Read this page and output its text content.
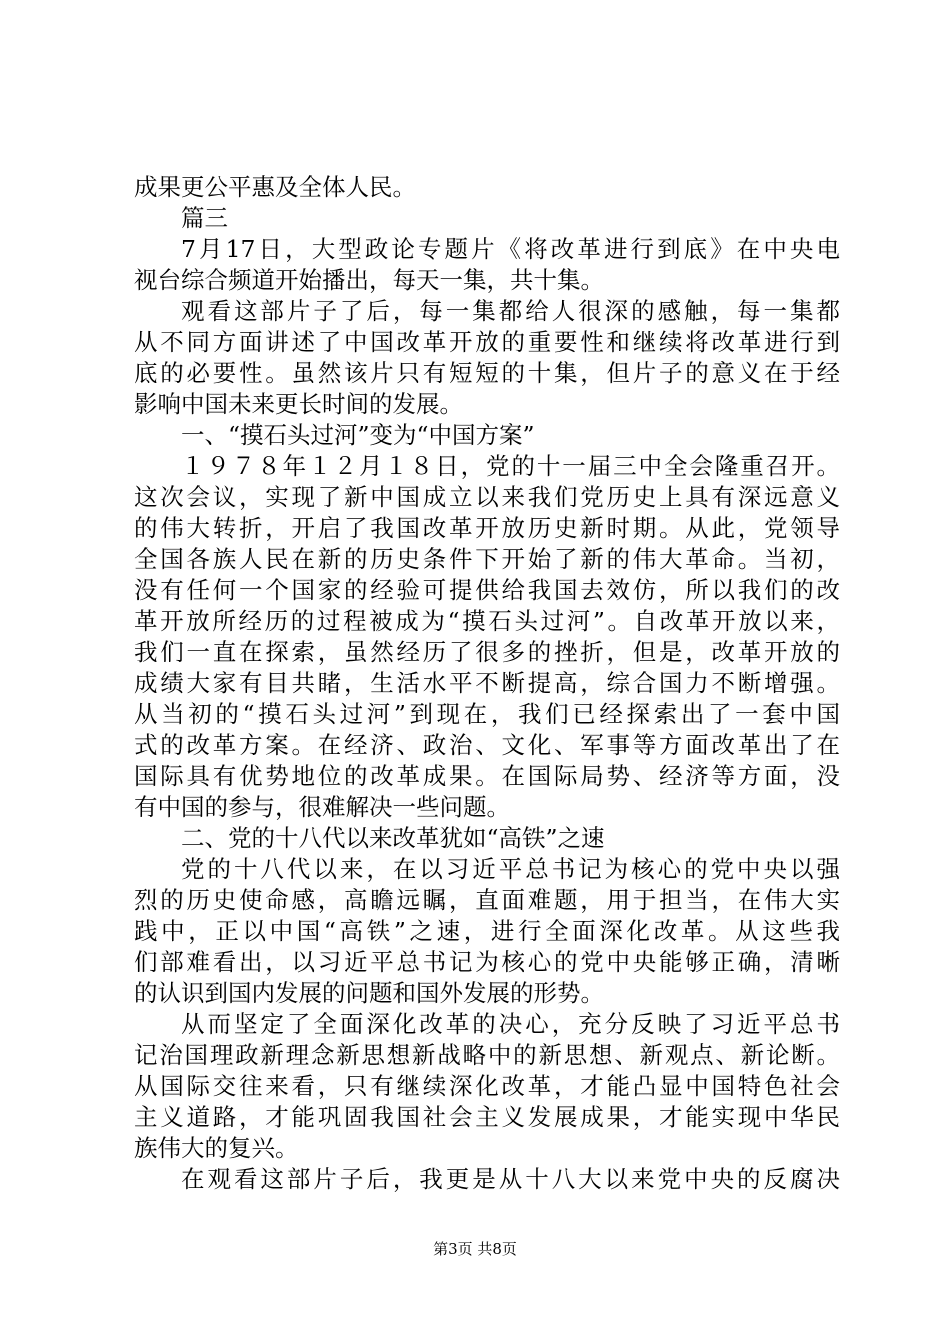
成果更公平惠及全体人民。
篇三
7月17日，大型政论专题片《将改革进行到底》在中央电
视台综合频道开始播出，每天一集，共十集。
观看这部片子了后，每一集都给人很深的感触，每一集都
从不同方面讲述了中国改革开放的重要性和继续将改革进行到
底的必要性。虽然该片只有短短的十集，但片子的意义在于经
影响中国未来更长时间的发展。
一、“摸石头过河”变为“中国方案”
１９７８年１２月１８日，党的十一届三中全会隆重召开。
这次会议，实现了新中国成立以来我们党历史上具有深远意义
的伟大转折，开启了我国改革开放历史新时期。从此，党领导
全国各族人民在新的历史条件下开始了新的伟大革命。当初，
没有任何一个国家的经验可提供给我国去效仿，所以我们的改
革开放所经历的过程被成为“摸石头过河”。自改革开放以来，
我们一直在探索，虽然经历了很多的挫折，但是，改革开放的
成绩大家有目共睹，生活水平不断提高，综合国力不断增强。
从当初的“摸石头过河”到现在，我们已经探索出了一套中国
式的改革方案。在经济、政治、文化、军事等方面改革出了在
国际具有优势地位的改革成果。在国际局势、经济等方面，没
有中国的参与，很难解决一些问题。
二、党的十八代以来改革犹如“高铁”之速
党的十八代以来，在以习近平总书记为核心的党中央以强
烈的历史使命感，高瞻远瞩，直面难题，用于担当，在伟大实
践中，正以中国“高铁”之速，进行全面深化改革。从这些我
们部难看出，以习近平总书记为核心的党中央能够正确，清晰
的认识到国内发展的问题和国外发展的形势。
从而坚定了全面深化改革的决心，充分反映了习近平总书
记治国理政新理念新思想新战略中的新思想、新观点、新论断。
从国际交往来看，只有继续深化改革，才能凸显中国特色社会
主义道路，才能巩固我国社会主义发展成果，才能实现中华民
族伟大的复兴。
在观看这部片子后，我更是从十八大以来党中央的反腐决
第3页 共8页
